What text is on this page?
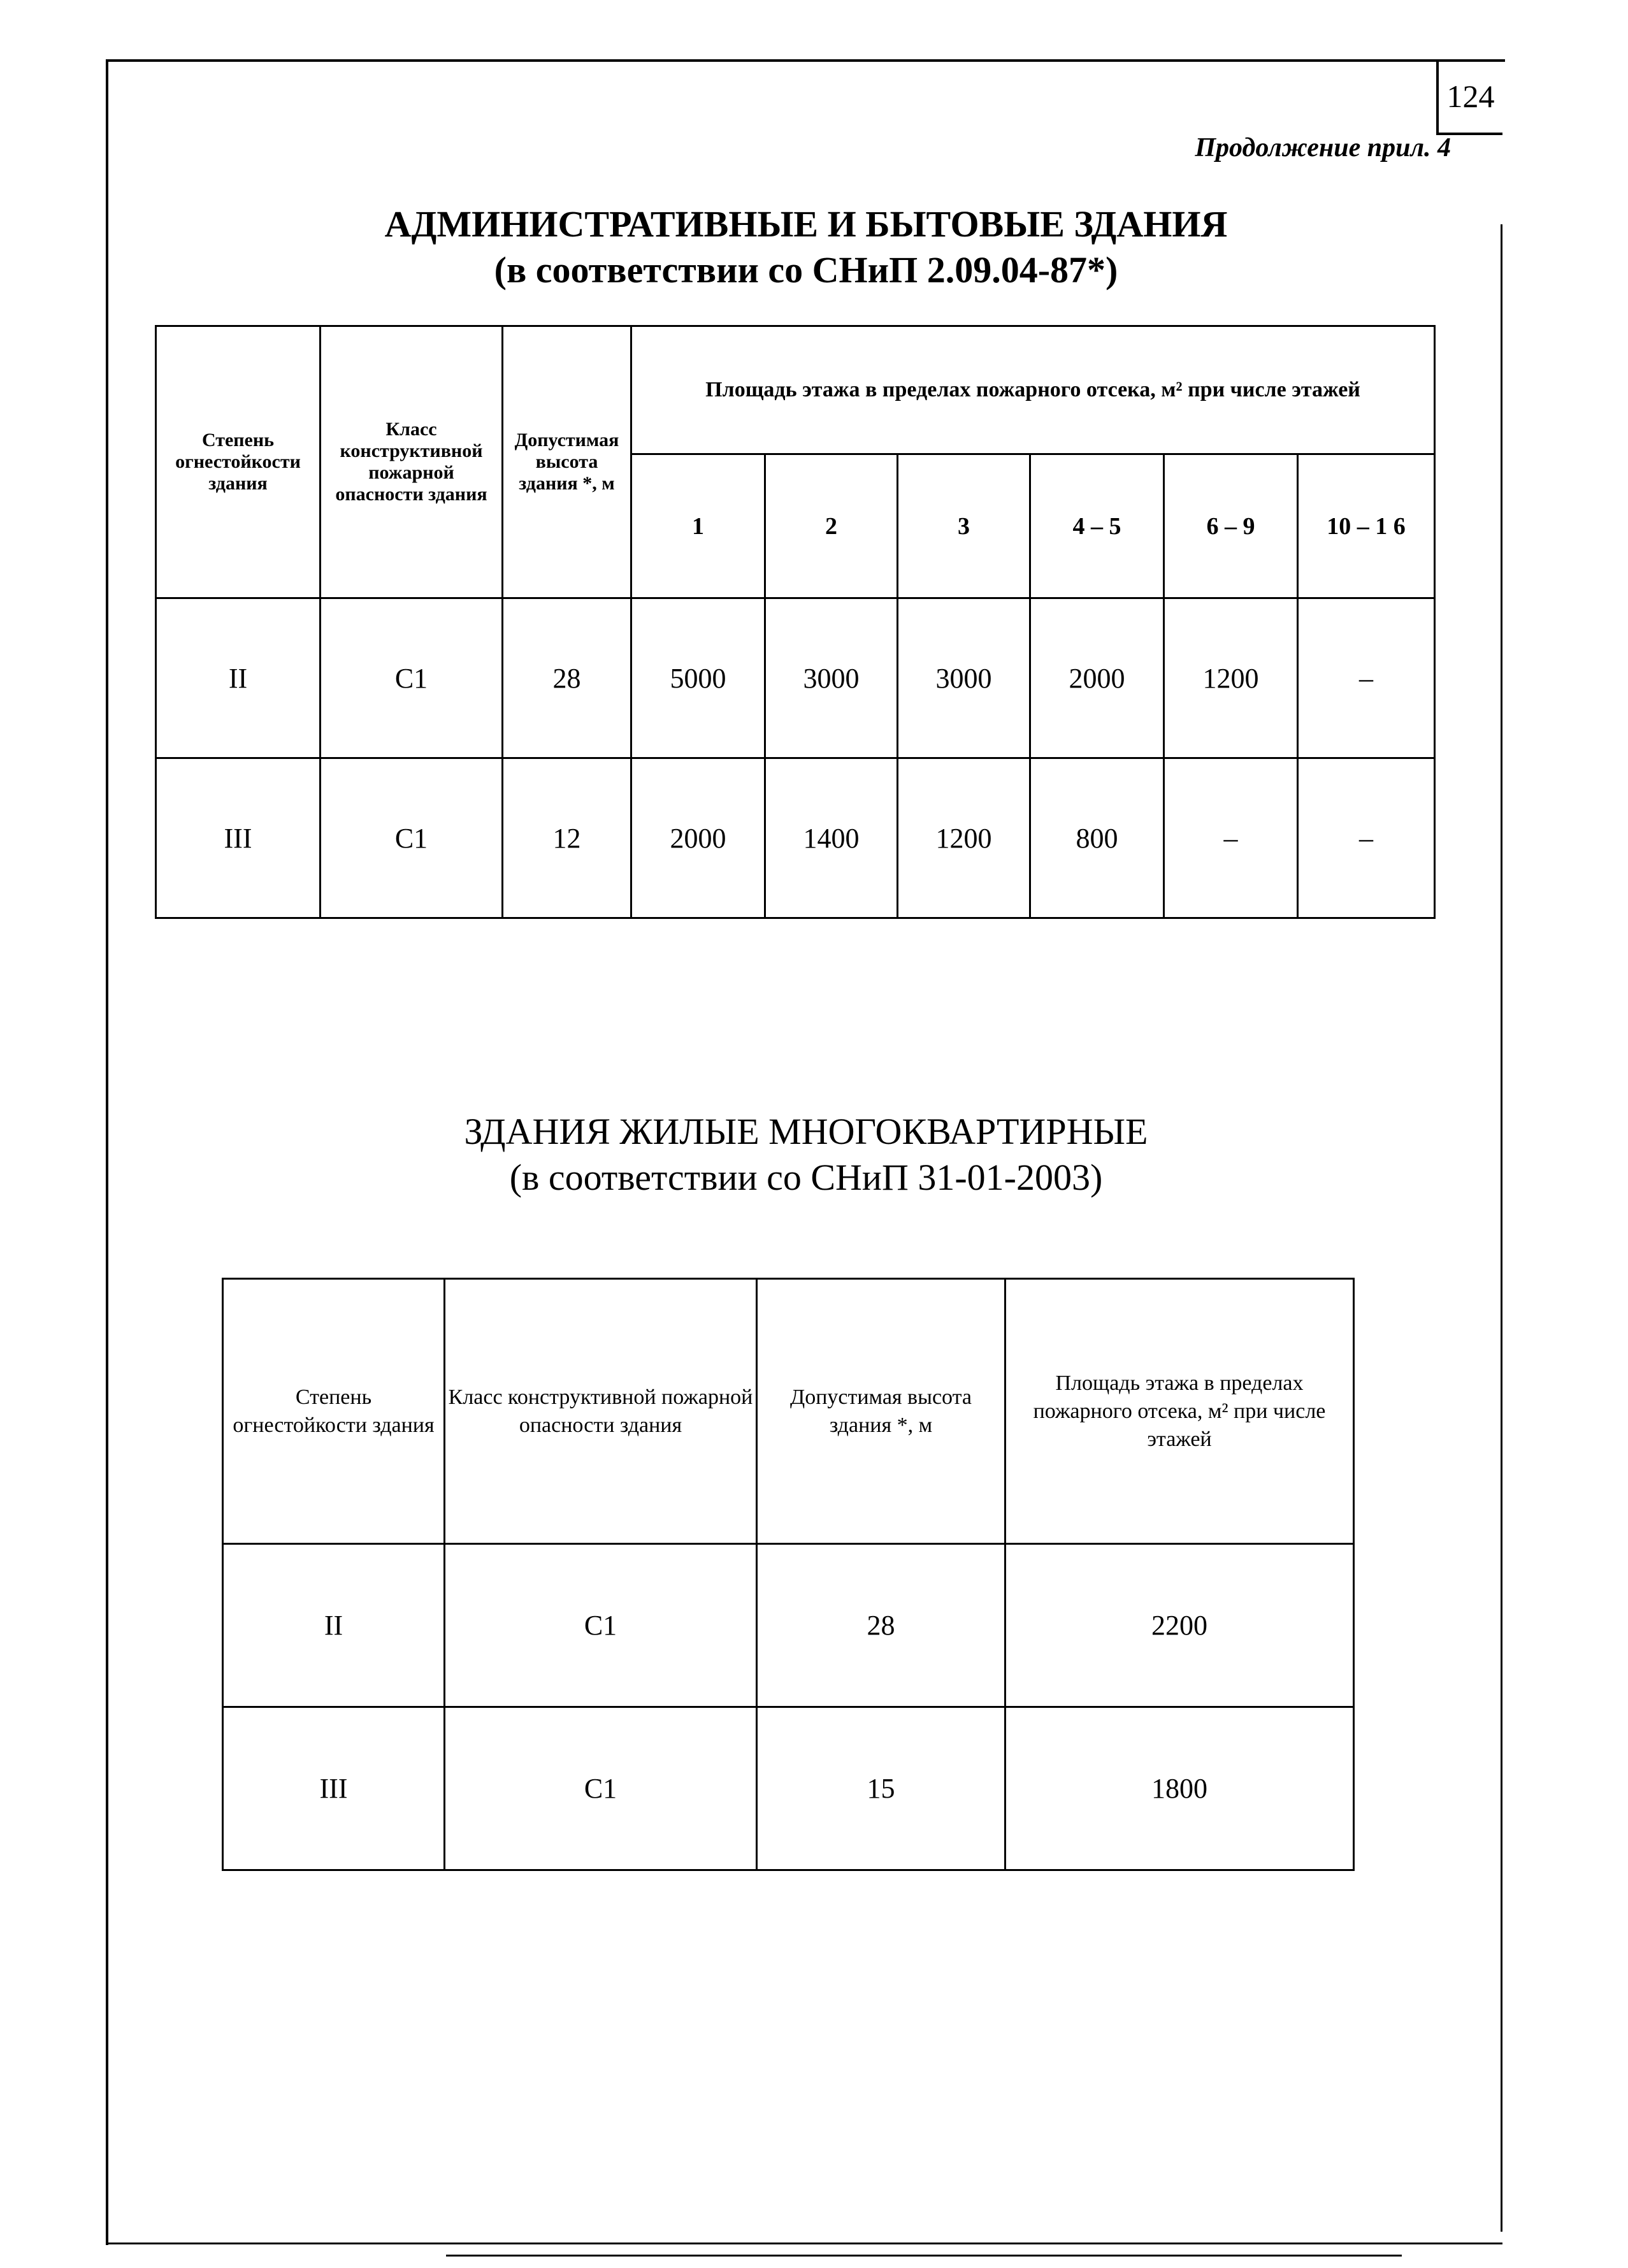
124
Продолжение прил. 4
АДМИНИСТРАТИВНЫЕ И БЫТОВЫЕ ЗДАНИЯ
(в соответствии со СНиП 2.09.04-87*)
Степень огнестойкости здания	Класс конструктивной пожарной опасности здания	Допустимая высота здания *, м	Площадь этажа в пределах пожарного отсека, м² при числе этажей					
			1	2	3	4 – 5	6 – 9	10 – 1 6
II	С1	28	5000	3000	3000	2000	1200	–
III	С1	12	2000	1400	1200	800	–	–
ЗДАНИЯ ЖИЛЫЕ МНОГОКВАРТИРНЫЕ
(в соответствии со СНиП 31-01-2003)
Степень огнестойкости здания	Класс конструктивной пожарной опасности здания	Допустимая высота здания *, м	Площадь этажа в пределах пожарного отсека, м² при числе этажей
II	С1	28	2200
III	С1	15	1800
